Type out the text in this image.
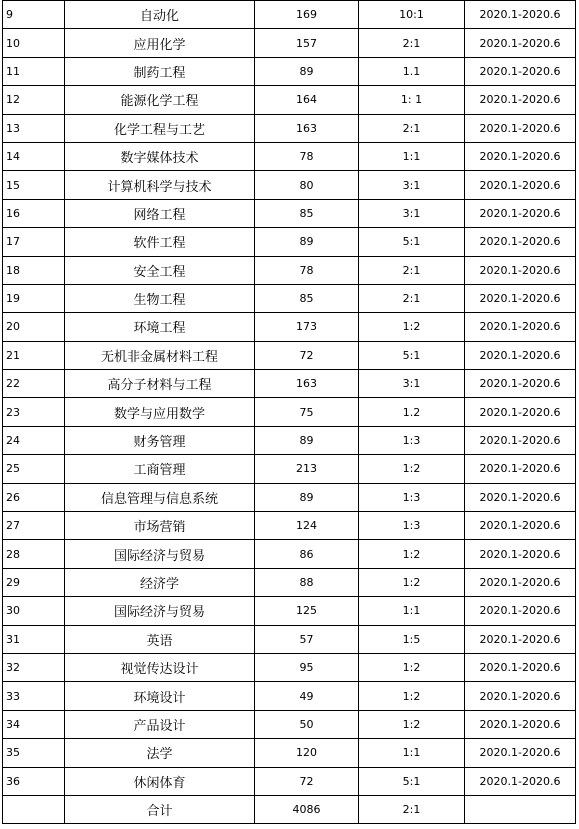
9	自动化	169	10:1	2020.1-2020.6
10	应用化学	157	2:1	2020.1-2020.6
11	制药工程	89	1.1	2020.1-2020.6
12	能源化学工程	164	1: 1	2020.1-2020.6
13	化学工程与工艺	163	2:1	2020.1-2020.6
14	数字媒体技术	78	1:1	2020.1-2020.6
15	计算机科学与技术	80	3:1	2020.1-2020.6
16	网络工程	85	3:1	2020.1-2020.6
17	软件工程	89	5:1	2020.1-2020.6
18	安全工程	78	2:1	2020.1-2020.6
19	生物工程	85	2:1	2020.1-2020.6
20	环境工程	173	1:2	2020.1-2020.6
21	无机非金属材料工程	72	5:1	2020.1-2020.6
22	高分子材料与工程	163	3:1	2020.1-2020.6
23	数学与应用数学	75	1.2	2020.1-2020.6
24	财务管理	89	1:3	2020.1-2020.6
25	工商管理	213	1:2	2020.1-2020.6
26	信息管理与信息系统	89	1:3	2020.1-2020.6
27	市场营销	124	1:3	2020.1-2020.6
28	国际经济与贸易	86	1:2	2020.1-2020.6
29	经济学	88	1:2	2020.1-2020.6
30	国际经济与贸易	125	1:1	2020.1-2020.6
31	英语	57	1:5	2020.1-2020.6
32	视觉传达设计	95	1:2	2020.1-2020.6
33	环境设计	49	1:2	2020.1-2020.6
34	产品设计	50	1:2	2020.1-2020.6
35	法学	120	1:1	2020.1-2020.6
36	休闲体育	72	5:1	2020.1-2020.6
	合计	4086	2:1	
